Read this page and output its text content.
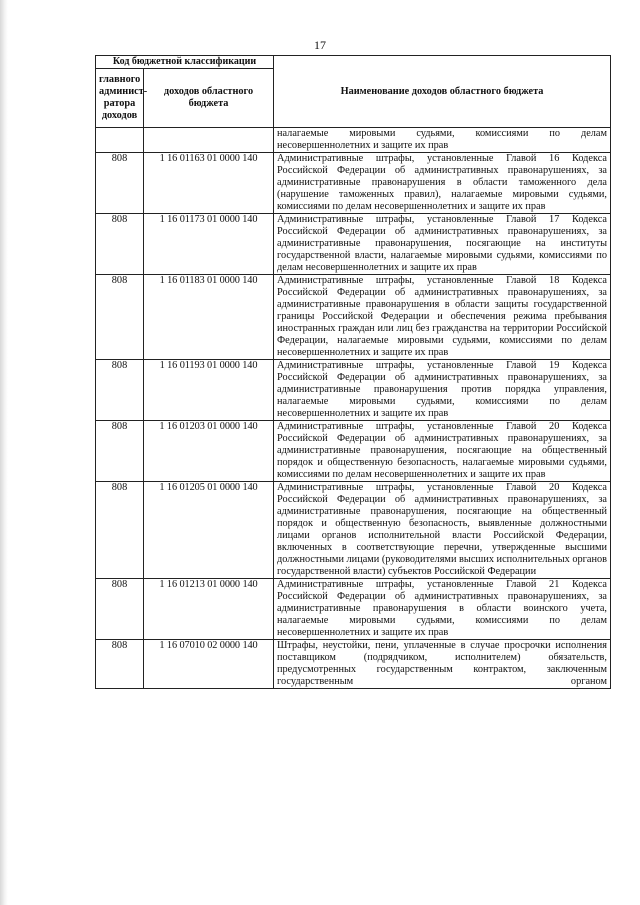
17
Код бюджетной классификации		Наименование доходов областного бюджета
главного админист-ратора доходов	доходов областного бюджета	
		налагаемые мировыми судьями, комиссиями по делам несовершеннолетних и защите их прав
808	1 16 01163 01 0000 140	Административные штрафы, установленные Главой 16 Кодекса Российской Федерации об административных правонарушениях, за административные правонарушения в области таможенного дела (нарушение таможенных правил), налагаемые мировыми судьями, комиссиями по делам несовершеннолетних и защите их прав
808	1 16 01173 01 0000 140	Административные штрафы, установленные Главой 17 Кодекса Российской Федерации об административных правонарушениях, за административные правонарушения, посягающие на институты государственной власти, налагаемые мировыми судьями, комиссиями по делам несовершеннолетних и защите их прав
808	1 16 01183 01 0000 140	Административные штрафы, установленные Главой 18 Кодекса Российской Федерации об административных правонарушениях, за административные правонарушения в области защиты государственной границы Российской Федерации и обеспечения режима пребывания иностранных граждан или лиц без гражданства на территории Российской Федерации, налагаемые мировыми судьями, комиссиями по делам несовершеннолетних и защите их прав
808	1 16 01193 01 0000 140	Административные штрафы, установленные Главой 19 Кодекса Российской Федерации об административных правонарушениях, за административные правонарушения против порядка управления, налагаемые мировыми судьями, комиссиями по делам несовершеннолетних и защите их прав
808	1 16 01203 01 0000 140	Административные штрафы, установленные Главой 20 Кодекса Российской Федерации об административных правонарушениях, за административные правонарушения, посягающие на общественный порядок и общественную безопасность, налагаемые мировыми судьями, комиссиями по делам несовершеннолетних и защите их прав
808	1 16 01205 01 0000 140	Административные штрафы, установленные Главой 20 Кодекса Российской Федерации об административных правонарушениях, за административные правонарушения, посягающие на общественный порядок и общественную безопасность, выявленные должностными лицами органов исполнительной власти Российской Федерации, включенных в соответствующие перечни, утвержденные высшими должностными лицами (руководителями высших исполнительных органов государственной власти) субъектов Российской Федерации
808	1 16 01213 01 0000 140	Административные штрафы, установленные Главой 21 Кодекса Российской Федерации об административных правонарушениях, за административные правонарушения в области воинского учета, налагаемые мировыми судьями, комиссиями по делам несовершеннолетних и защите их прав
808	1 16 07010 02 0000 140	Штрафы, неустойки, пени, уплаченные в случае просрочки исполнения поставщиком (подрядчиком, исполнителем) обязательств, предусмотренных государственным контрактом, заключенным государственным органом
